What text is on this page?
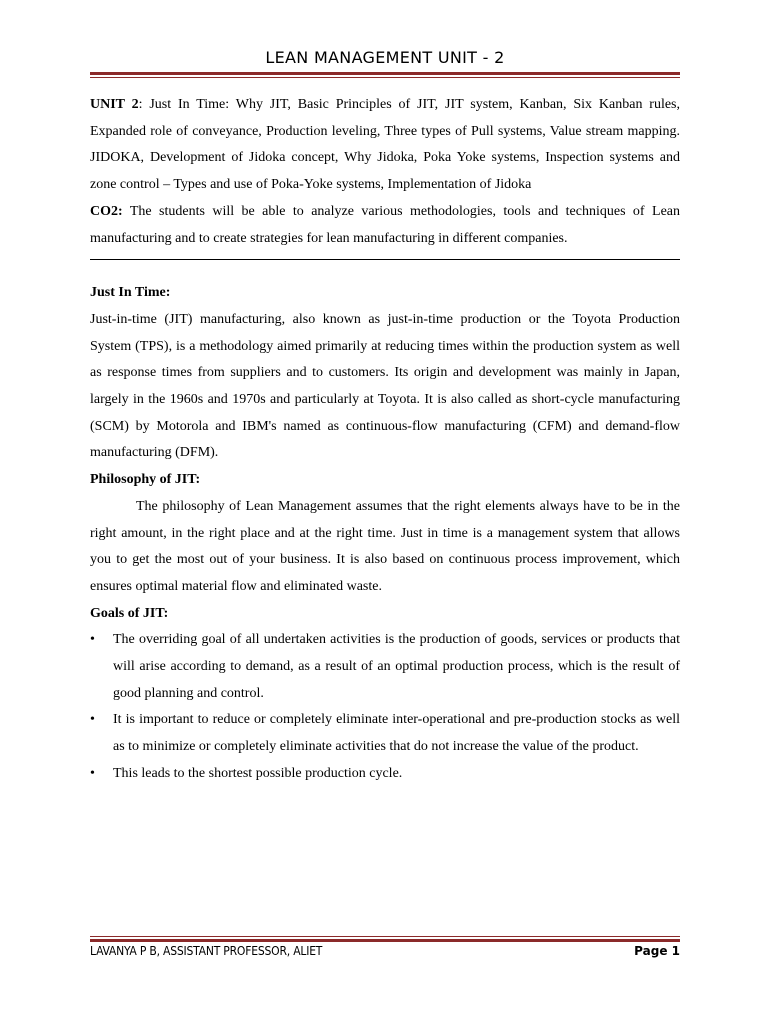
LEAN MANAGEMENT UNIT - 2

UNIT 2: Just In Time: Why JIT, Basic Principles of JIT, JIT system, Kanban, Six Kanban rules, Expanded role of conveyance, Production leveling, Three types of Pull systems, Value stream mapping. JIDOKA, Development of Jidoka concept, Why Jidoka, Poka Yoke systems, Inspection systems and zone control – Types and use of Poka-Yoke systems, Implementation of Jidoka

CO2: The students will be able to analyze various methodologies, tools and techniques of Lean manufacturing and to create strategies for lean manufacturing in different companies.

Just In Time:

Just-in-time (JIT) manufacturing, also known as just-in-time production or the Toyota Production System (TPS), is a methodology aimed primarily at reducing times within the production system as well as response times from suppliers and to customers. Its origin and development was mainly in Japan, largely in the 1960s and 1970s and particularly at Toyota. It is also called as short-cycle manufacturing (SCM) by Motorola and IBM's named as continuous-flow manufacturing (CFM) and demand-flow manufacturing (DFM).

Philosophy of JIT:

The philosophy of Lean Management assumes that the right elements always have to be in the right amount, in the right place and at the right time. Just in time is a management system that allows you to get the most out of your business. It is also based on continuous process improvement, which ensures optimal material flow and eliminated waste.

Goals of JIT:

• The overriding goal of all undertaken activities is the production of goods, services or products that will arise according to demand, as a result of an optimal production process, which is the result of good planning and control.
• It is important to reduce or completely eliminate inter-operational and pre-production stocks as well as to minimize or completely eliminate activities that do not increase the value of the product.
• This leads to the shortest possible production cycle.
LAVANYA P B, ASSISTANT PROFESSOR, ALIET	Page 1
